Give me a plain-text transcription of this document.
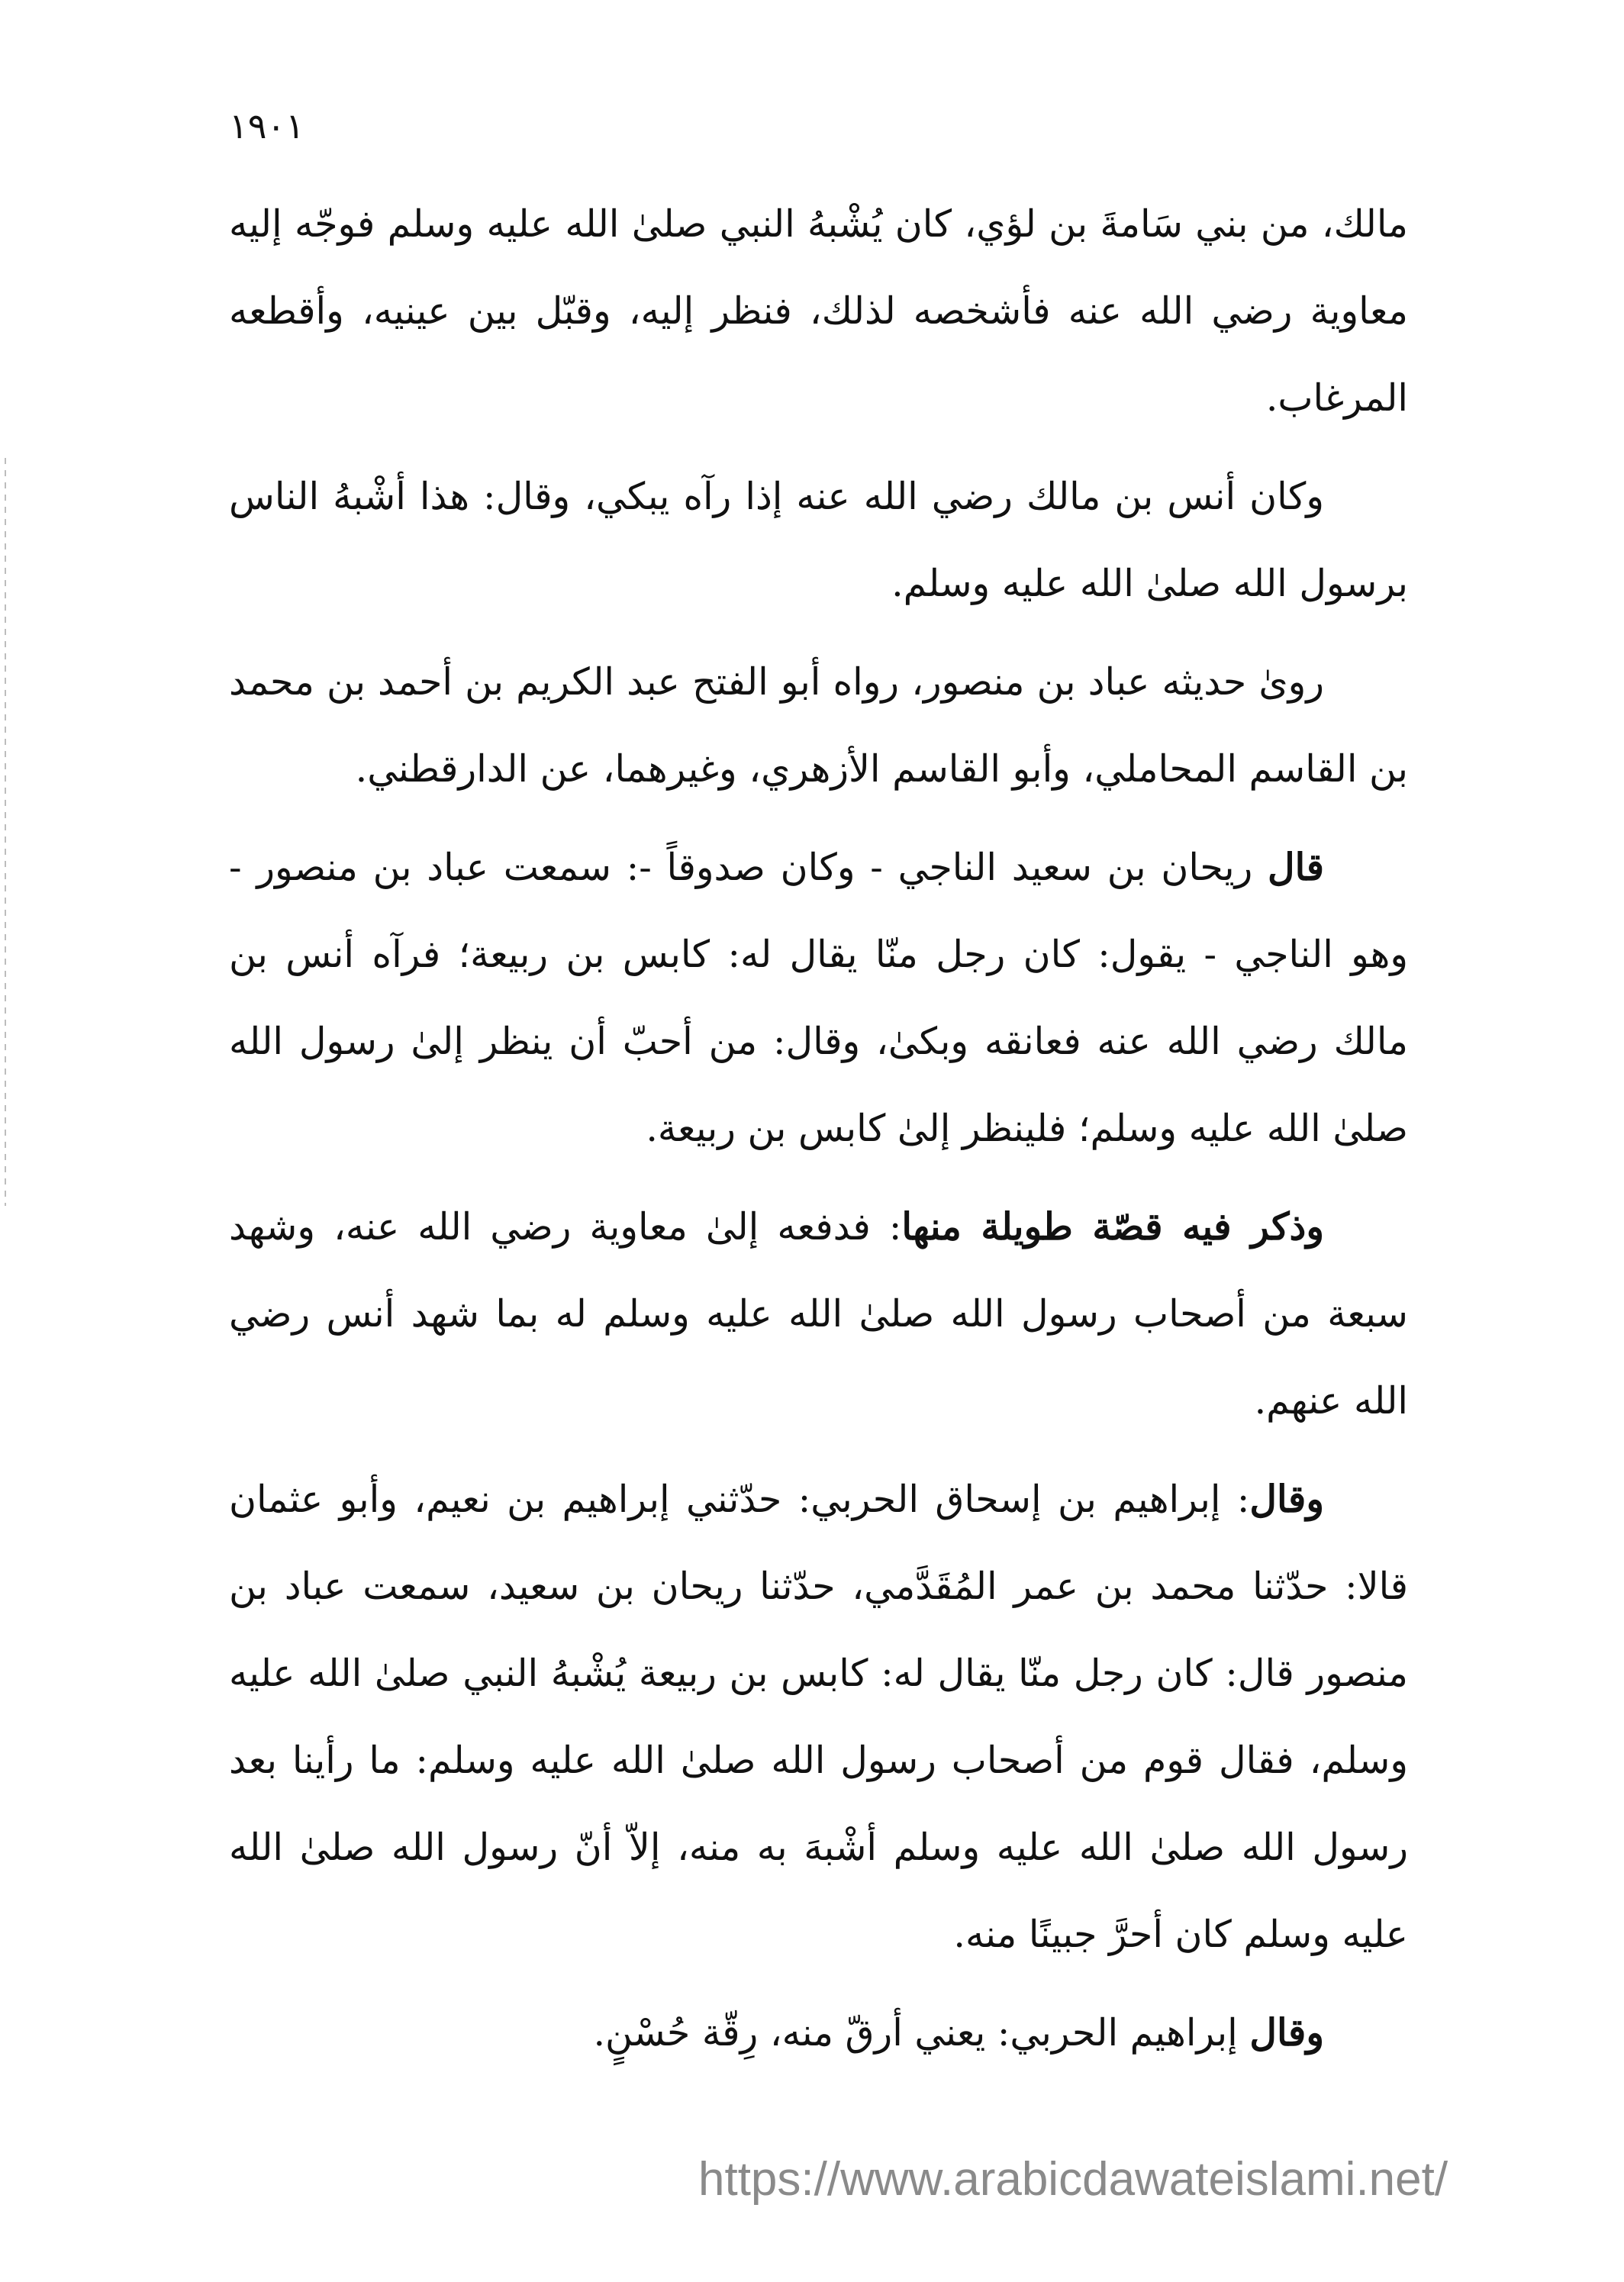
١٩٠١

مالك، من بني سَامةَ بن لؤي، كان يُشْبهُ النبي صلىٰ الله عليه وسلم فوجّه إليه معاوية رضي الله عنه فأشخصه لذلك، فنظر إليه، وقبّل بين عينيه، وأقطعه المرغاب.

وكان أنس بن مالك رضي الله عنه إذا رآه يبكي، وقال: هذا أشْبهُ الناس برسول الله صلىٰ الله عليه وسلم.

روىٰ حديثه عباد بن منصور، رواه أبو الفتح عبد الكريم بن أحمد بن محمد بن القاسم المحاملي، وأبو القاسم الأزهري، وغيرهما، عن الدارقطني.

قال ريحان بن سعيد الناجي - وكان صدوقاً -: سمعت عباد بن منصور - وهو الناجي - يقول: كان رجل منّا يقال له: كابس بن ربيعة؛ فرآه أنس بن مالك رضي الله عنه فعانقه وبكىٰ، وقال: من أحبّ أن ينظر إلىٰ رسول الله صلىٰ الله عليه وسلم؛ فلينظر إلىٰ كابس بن ربيعة.

وذكر فيه قصّة طويلة منها: فدفعه إلىٰ معاوية رضي الله عنه، وشهد سبعة من أصحاب رسول الله صلىٰ الله عليه وسلم له بما شهد أنس رضي الله عنهم.

وقال: إبراهيم بن إسحاق الحربي: حدّثني إبراهيم بن نعيم، وأبو عثمان قالا: حدّثنا محمد بن عمر المُقَدَّمي، حدّثنا ريحان بن سعيد، سمعت عباد بن منصور قال: كان رجل منّا يقال له: كابس بن ربيعة يُشْبهُ النبي صلىٰ الله عليه وسلم، فقال قوم من أصحاب رسول الله صلىٰ الله عليه وسلم: ما رأينا بعد رسول الله صلىٰ الله عليه وسلم أشْبهَ به منه، إلاّ أنّ رسول الله صلىٰ الله عليه وسلم كان أحرَّ جبينًا منه.

وقال إبراهيم الحربي: يعني أرقّ منه، رِقّة حُسْنٍ.

https://www.arabicdawateislami.net/
